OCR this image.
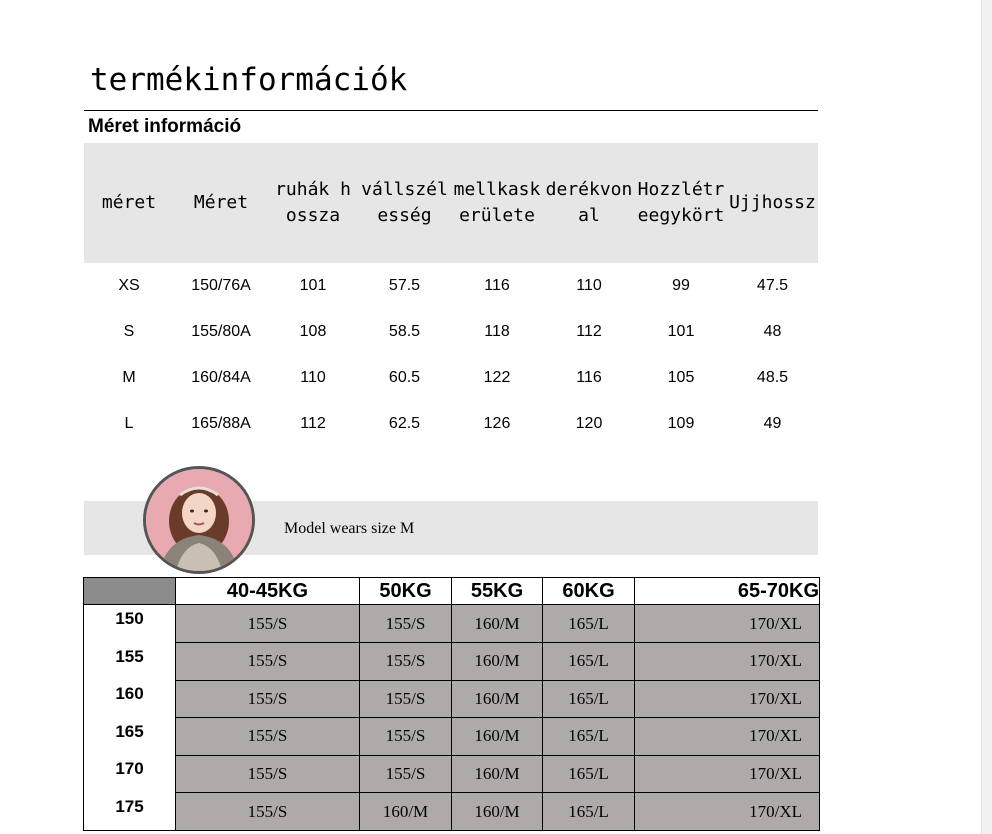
termékinformációk
Méret információ
méret	Méret	ruhák hossza	vállszélesség	mellkaskerülete	derékvonal	Hozzlétreegykört	Ujjhossz
XS	150/76A	101	57.5	116	110	99	47.5
S	155/80A	108	58.5	118	112	101	48
M	160/84A	110	60.5	122	116	105	48.5
L	165/88A	112	62.5	126	120	109	49
Model wears size M
	40-45KG	50KG	55KG	60KG	65-70KG
150	155/S	155/S	160/M	165/L	170/XL
155	155/S	155/S	160/M	165/L	170/XL
160	155/S	155/S	160/M	165/L	170/XL
165	155/S	155/S	160/M	165/L	170/XL
170	155/S	155/S	160/M	165/L	170/XL
175	155/S	160/M	160/M	165/L	170/XL
